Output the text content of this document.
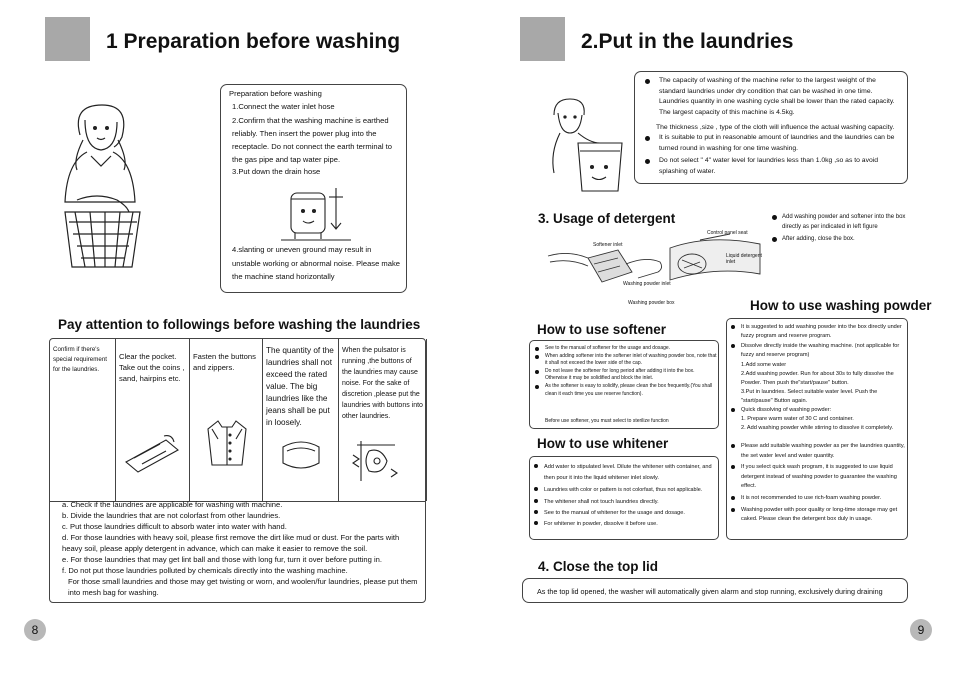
1 Preparation before washing
Preparation before washing
1.Connect the water inlet hose
2.Confirm that the washing machine is earthed reliably. Then insert the power plug into the receptacle. Do not connect the earth terminal to the gas pipe and tap water pipe.
3.Put down the drain hose
4.slanting or uneven ground may result in unstable working or abnormal noise. Please make the machine stand horizontally
Pay attention to followings before washing the laundries
Confirm if there's special requirement for the laundries.
Clear the pocket. Take out the coins , sand, hairpins etc.
Fasten the buttons and zippers.
The quantity of the laundries shall not exceed the rated value. The big laundries like the jeans shall be put in loosely.
When the pulsator is running ,the buttons of the laundries may cause noise. For the sake of discretion ,please put the laundries with buttons into other laundries.
a. Check if the laundries are applicable for washing with machine.
b. Divide the laundries that are not colorfast from other laundries.
c. Put those laundries difficult to absorb water into water with hand.
d. For those laundries with heavy soil, please first remove the dirt like mud or dust. For the parts with heavy soil, please apply detergent in advance, which can make it easier to remove the soil.
e. For those laundries that may get lint ball and those with long fur, turn it over before putting in.
f. Do not put those laundries polluted by chemicals directly into the washing machine.
For those small laundries and those may get twisting or worn, and woolen/fur laundries, please put them into mesh bag for washing.
8
2.Put in the laundries
The capacity of washing of the machine refer to the largest weight of the standard laundries under dry condition that can be washed in one time. Laundries quantity in one washing cycle shall be lower than the rated capacity. The largest capacity of this machine is 4.5kg.
The thickness ,size , type of the cloth will influence the actual washing capacity.
It is suitable to put in reasonable amount of laundries and the laundries can be turned round in washing for one time washing.
Do not select " 4" water level for laundries less than 1.0kg ,so as to avoid splashing of water.
3. Usage of detergent
Control panel seat
Softener inlet
Liquid detergent inlet
Washing powder inlet
Washing powder box
Add washing powder and softener into the box directly as per indicated in left figure
After adding, close the box.
How to use washing powder
It is suggested to add washing powder into the box directly under fuzzy program and reserve program.
Dissolve directly inside the washing machine. (not applicable for fuzzy and reserve program)
1.Add some water
2.Add washing powder. Run for about 30s to fully dissolve the Powder. Then push the"start/pause" button.
3.Put in laundries. Select suitable water level. Push the "start/pause" Button again.
Quick dissolving of washing powder:
1. Prepare warm water of 30 C and container.
2. Add washing powder while stirring to dissolve it completely.
Please add suitable washing powder as per the laundries quantity, the set water level and water quantity.
If you select quick wash program, it is suggested to use liquid detergent instead of washing powder to guarantee the washing effect.
It is not recommended to use rich-foam washing powder.
Washing powder with poor quality or long-time storage may get caked. Please clean the detergent box duly in usage.
How to use softener
See to the manual of softener for the usage and dosage.
When adding softener into the softener inlet of washing powder box, note that it shall not exceed the lower side of the cap.
Do not leave the softener for long period after adding it into the box. Otherwise it may be solidified and block the inlet.
As the softener is easy to solidify, please clean the box frequently.(You shall clean it each time you use reserve function).
Before use softener, you must select to sterilize function
How to use whitener
Add water to stipulated level. Dilute the whitener with container, and then pour it into the liquid whitener inlet slowly.
Laundries with color or pattern is not colorfast, thus not applicable.
The whitener shall not touch laundries directly.
See to the manual of whitener for the usage and dosage.
For whitener in powder, dissolve it before use.
4. Close the top lid
As the top lid opened, the washer will automatically given alarm and stop running, exclusively during draining
9
